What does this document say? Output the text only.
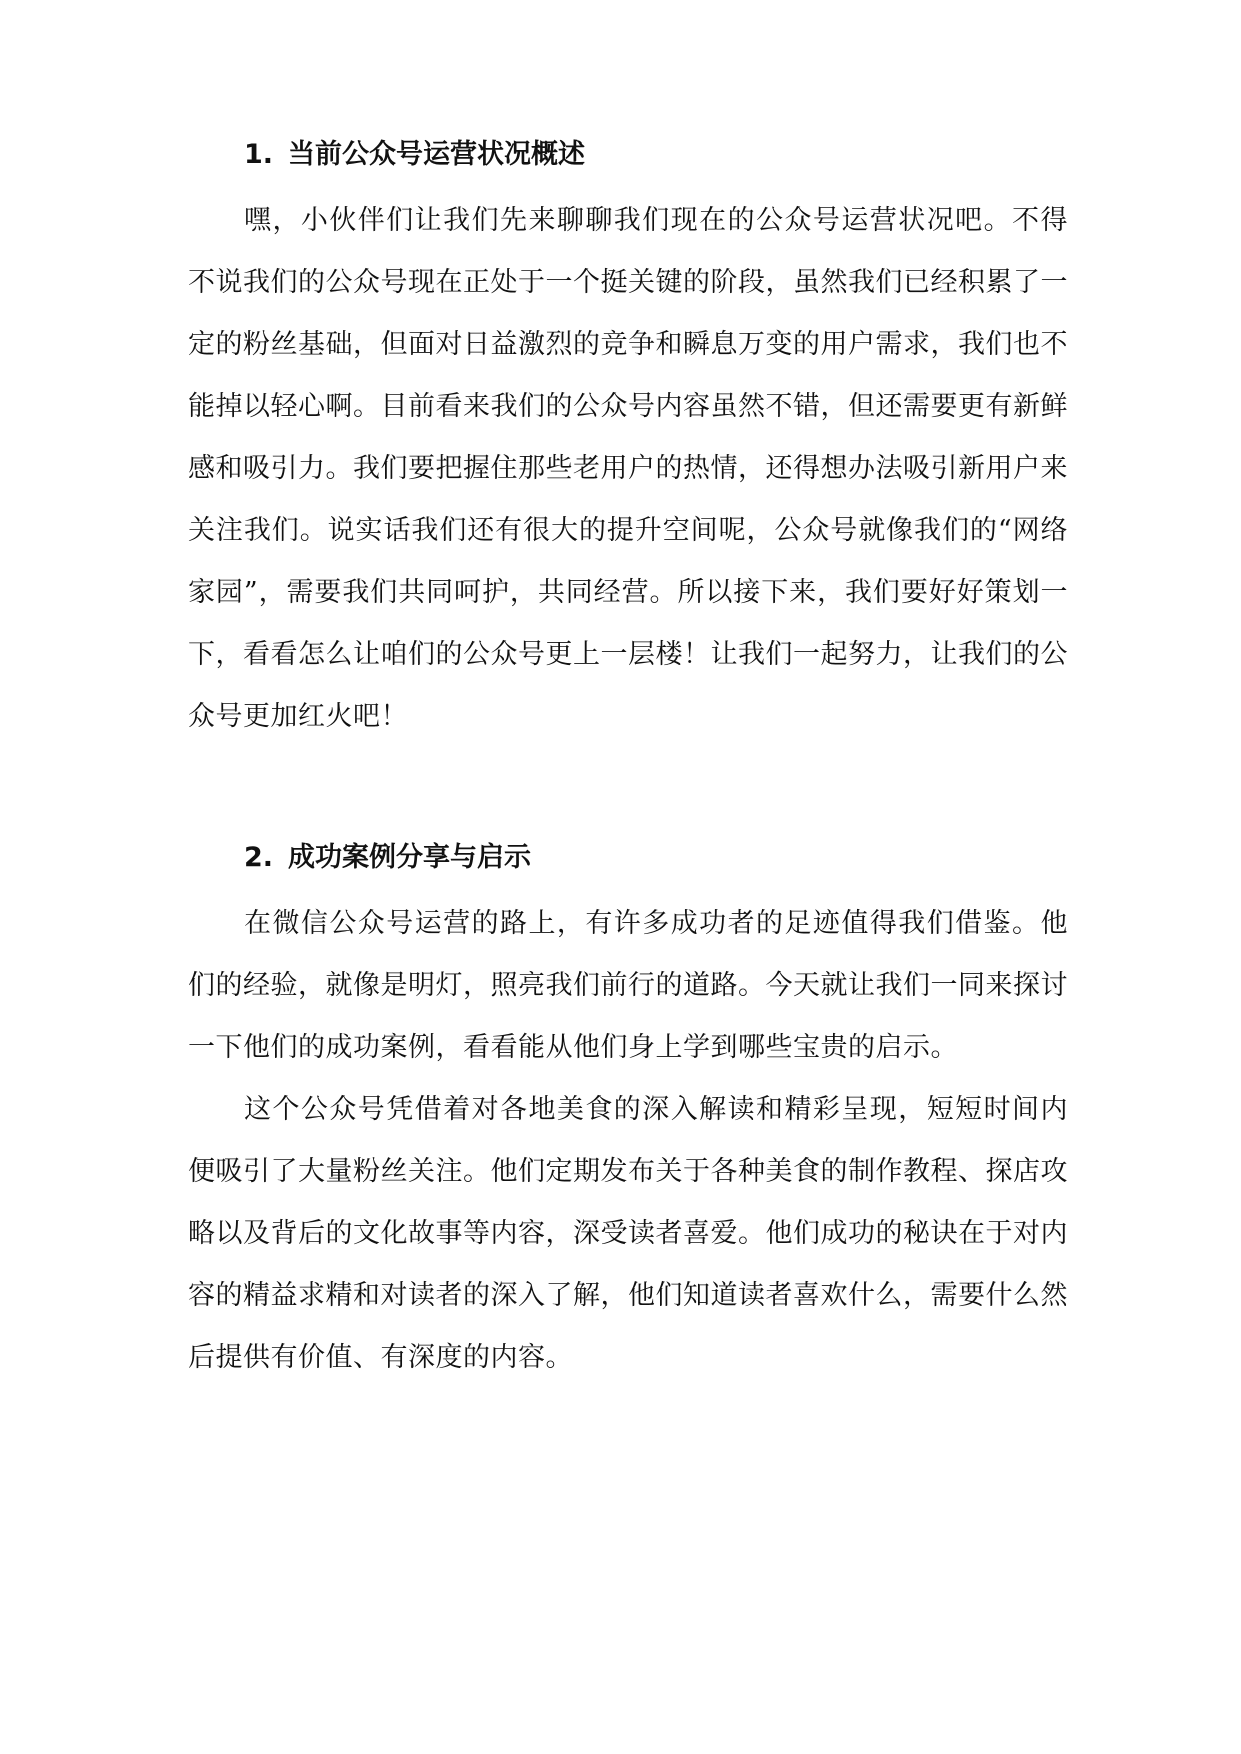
1. 当前公众号运营状况概述

嘿，小伙伴们让我们先来聊聊我们现在的公众号运营状况吧。不得不说我们的公众号现在正处于一个挺关键的阶段，虽然我们已经积累了一定的粉丝基础，但面对日益激烈的竞争和瞬息万变的用户需求，我们也不能掉以轻心啊。目前看来我们的公众号内容虽然不错，但还需要更有新鲜感和吸引力。我们要把握住那些老用户的热情，还得想办法吸引新用户来关注我们。说实话我们还有很大的提升空间呢，公众号就像我们的“网络家园”，需要我们共同呵护，共同经营。所以接下来，我们要好好策划一下，看看怎么让咱们的公众号更上一层楼！让我们一起努力，让我们的公众号更加红火吧！

2. 成功案例分享与启示

在微信公众号运营的路上，有许多成功者的足迹值得我们借鉴。他们的经验，就像是明灯，照亮我们前行的道路。今天就让我们一同来探讨一下他们的成功案例，看看能从他们身上学到哪些宝贵的启示。

这个公众号凭借着对各地美食的深入解读和精彩呈现，短短时间内便吸引了大量粉丝关注。他们定期发布关于各种美食的制作教程、探店攻略以及背后的文化故事等内容，深受读者喜爱。他们成功的秘诀在于对内容的精益求精和对读者的深入了解，他们知道读者喜欢什么，需要什么然后提供有价值、有深度的内容。
